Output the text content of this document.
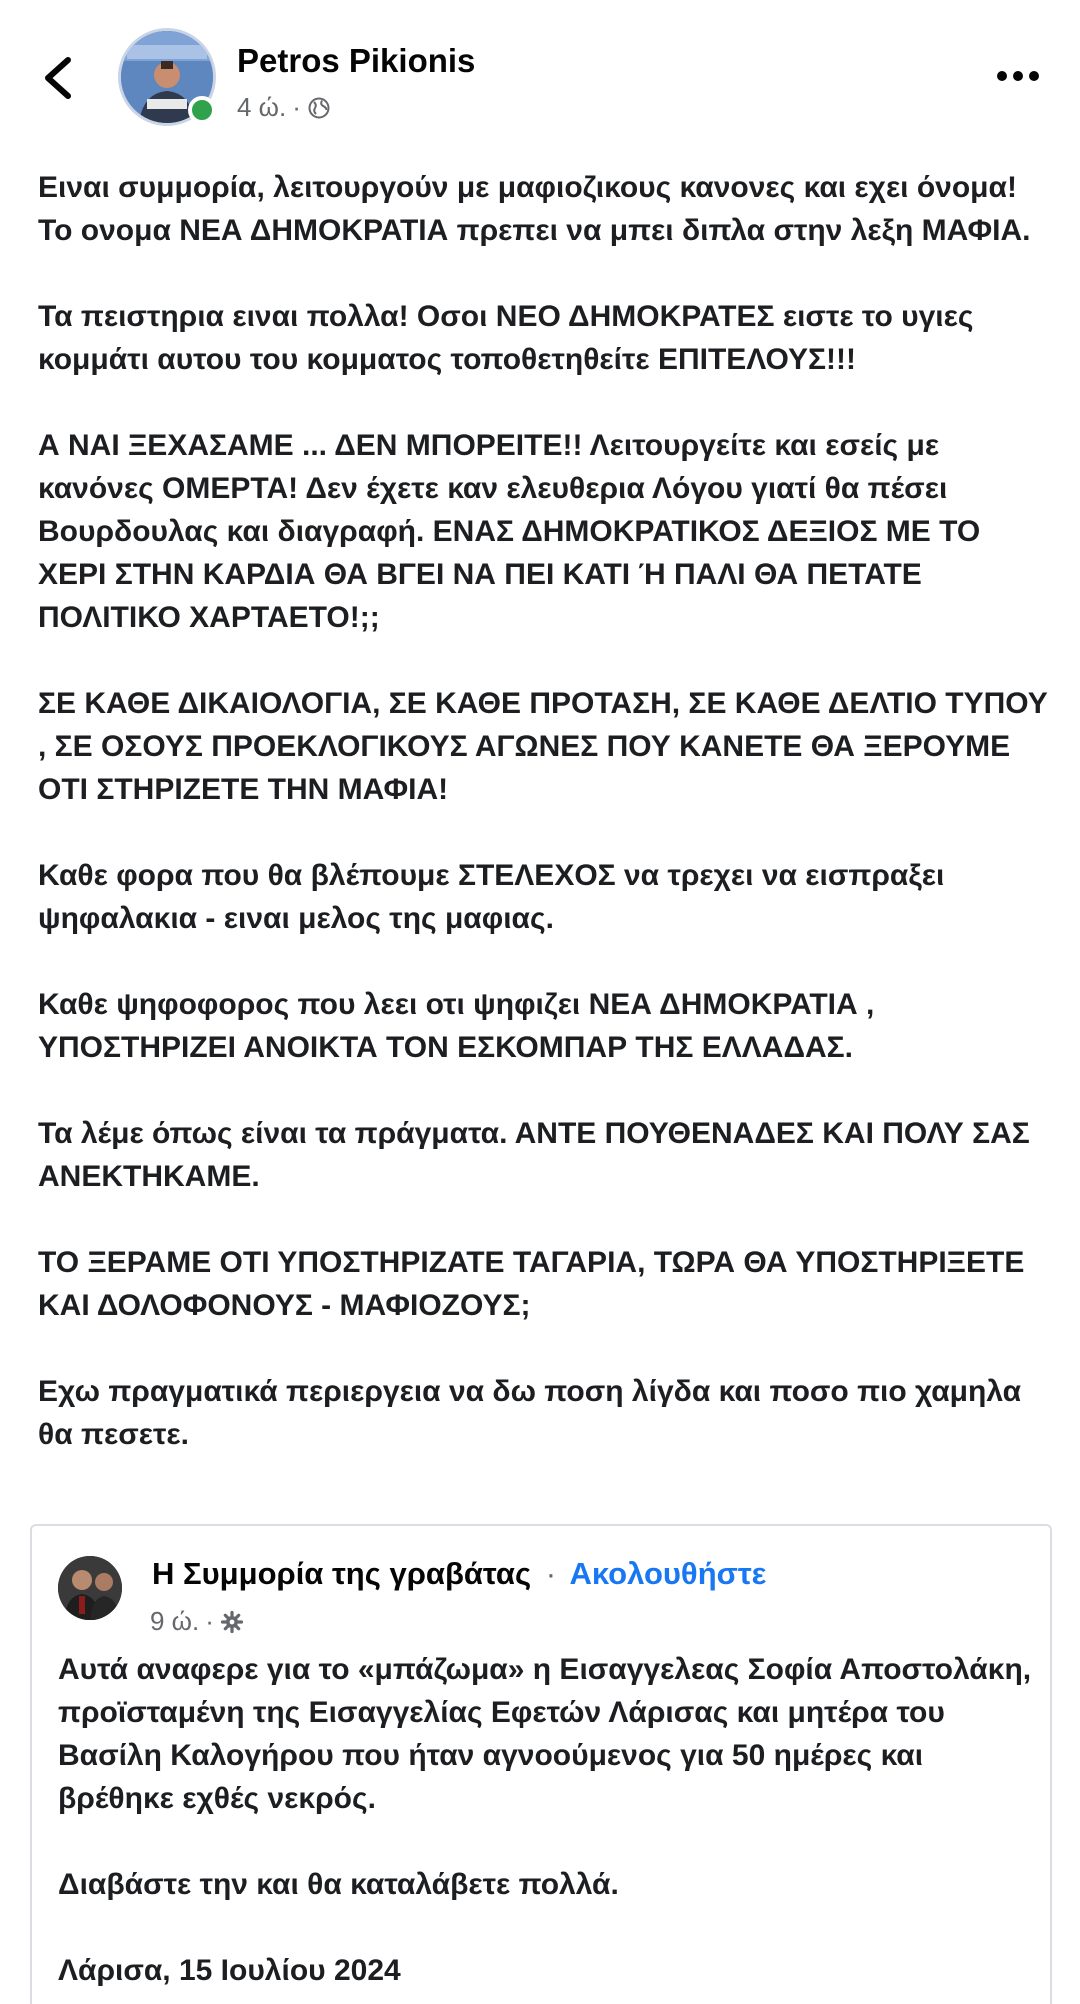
Petros Pikionis
4 ώ. ·

Ειναι συμμορία, λειτουργούν με μαφιοζικους κανονες και εχει όνομα! Το ονομα ΝΕΑ ΔΗΜΟΚΡΑΤΙΑ πρεπει να μπει διπλα στην λεξη ΜΑΦΙΑ.

Τα πειστηρια ειναι πολλα! Οσοι ΝΕΟ ΔΗΜΟΚΡΑΤΕΣ ειστε το υγιες κομμάτι αυτου του κομματος τοποθετηθείτε ΕΠΙΤΕΛΟΥΣ!!!

Α ΝΑΙ ΞΕΧΑΣΑΜΕ ... ΔΕΝ ΜΠΟΡΕΙΤΕ!! Λειτουργείτε και εσείς με κανόνες ΟΜΕΡΤΑ! Δεν έχετε καν ελευθερια Λόγου γιατί θα πέσει Βουρδουλας και διαγραφή. ΕΝΑΣ ΔΗΜΟΚΡΑΤΙΚΟΣ ΔΕΞΙΟΣ ΜΕ ΤΟ ΧΕΡΙ ΣΤΗΝ ΚΑΡΔΙΑ ΘΑ ΒΓΕΙ ΝΑ ΠΕΙ ΚΑΤΙ Ή ΠΑΛΙ ΘΑ ΠΕΤΑΤΕ ΠΟΛΙΤΙΚΟ ΧΑΡΤΑΕΤΟ!;;

ΣΕ ΚΑΘΕ ΔΙΚΑΙΟΛΟΓΙΑ, ΣΕ ΚΑΘΕ ΠΡΟΤΑΣΗ, ΣΕ ΚΑΘΕ ΔΕΛΤΙΟ ΤΥΠΟΥ , ΣΕ ΟΣΟΥΣ ΠΡΟΕΚΛΟΓΙΚΟΥΣ ΑΓΩΝΕΣ ΠΟΥ ΚΑΝΕΤΕ ΘΑ ΞΕΡΟΥΜΕ ΟΤΙ ΣΤΗΡΙΖΕΤΕ ΤΗΝ ΜΑΦΙΑ!

Καθε φορα που θα βλέπουμε ΣΤΕΛΕΧΟΣ να τρεχει να εισπραξει ψηφαλακια - ειναι μελος της μαφιας.

Καθε ψηφοφορος που λεει οτι ψηφιζει ΝΕΑ ΔΗΜΟΚΡΑΤΙΑ , ΥΠΟΣΤΗΡΙΖΕΙ ΑΝΟΙΚΤΑ ΤΟΝ ΕΣΚΟΜΠΑΡ ΤΗΣ ΕΛΛΑΔΑΣ.

Τα λέμε όπως είναι τα πράγματα. ΑΝΤΕ ΠΟΥΘΕΝΑΔΕΣ ΚΑΙ ΠΟΛΥ ΣΑΣ ΑΝΕΚΤΗΚΑΜΕ.

ΤΟ ΞΕΡΑΜΕ ΟΤΙ ΥΠΟΣΤΗΡΙΖΑΤΕ ΤΑΓΑΡΙΑ, ΤΩΡΑ ΘΑ ΥΠΟΣΤΗΡΙΞΕΤΕ ΚΑΙ ΔΟΛΟΦΟΝΟΥΣ - ΜΑΦΙΟΖΟΥΣ;

Εχω πραγματικά περιεργεια να δω ποση λίγδα και ποσο πιο χαμηλα θα πεσετε.

Η Συμμορία της γραβάτας · Ακολουθήστε
9 ώ. ·

Αυτά αναφερε για το «μπάζωμα» η Εισαγγελεας Σοφία Αποστολάκη, προϊσταμένη της Εισαγγελίας Εφετών Λάρισας και μητέρα του Βασίλη Καλογήρου που ήταν αγνοούμενος για 50 ημέρες και βρέθηκε εχθές νεκρός.

Διαβάστε την και θα καταλάβετε πολλά.

Λάρισα, 15 Ιουλίου 2024
